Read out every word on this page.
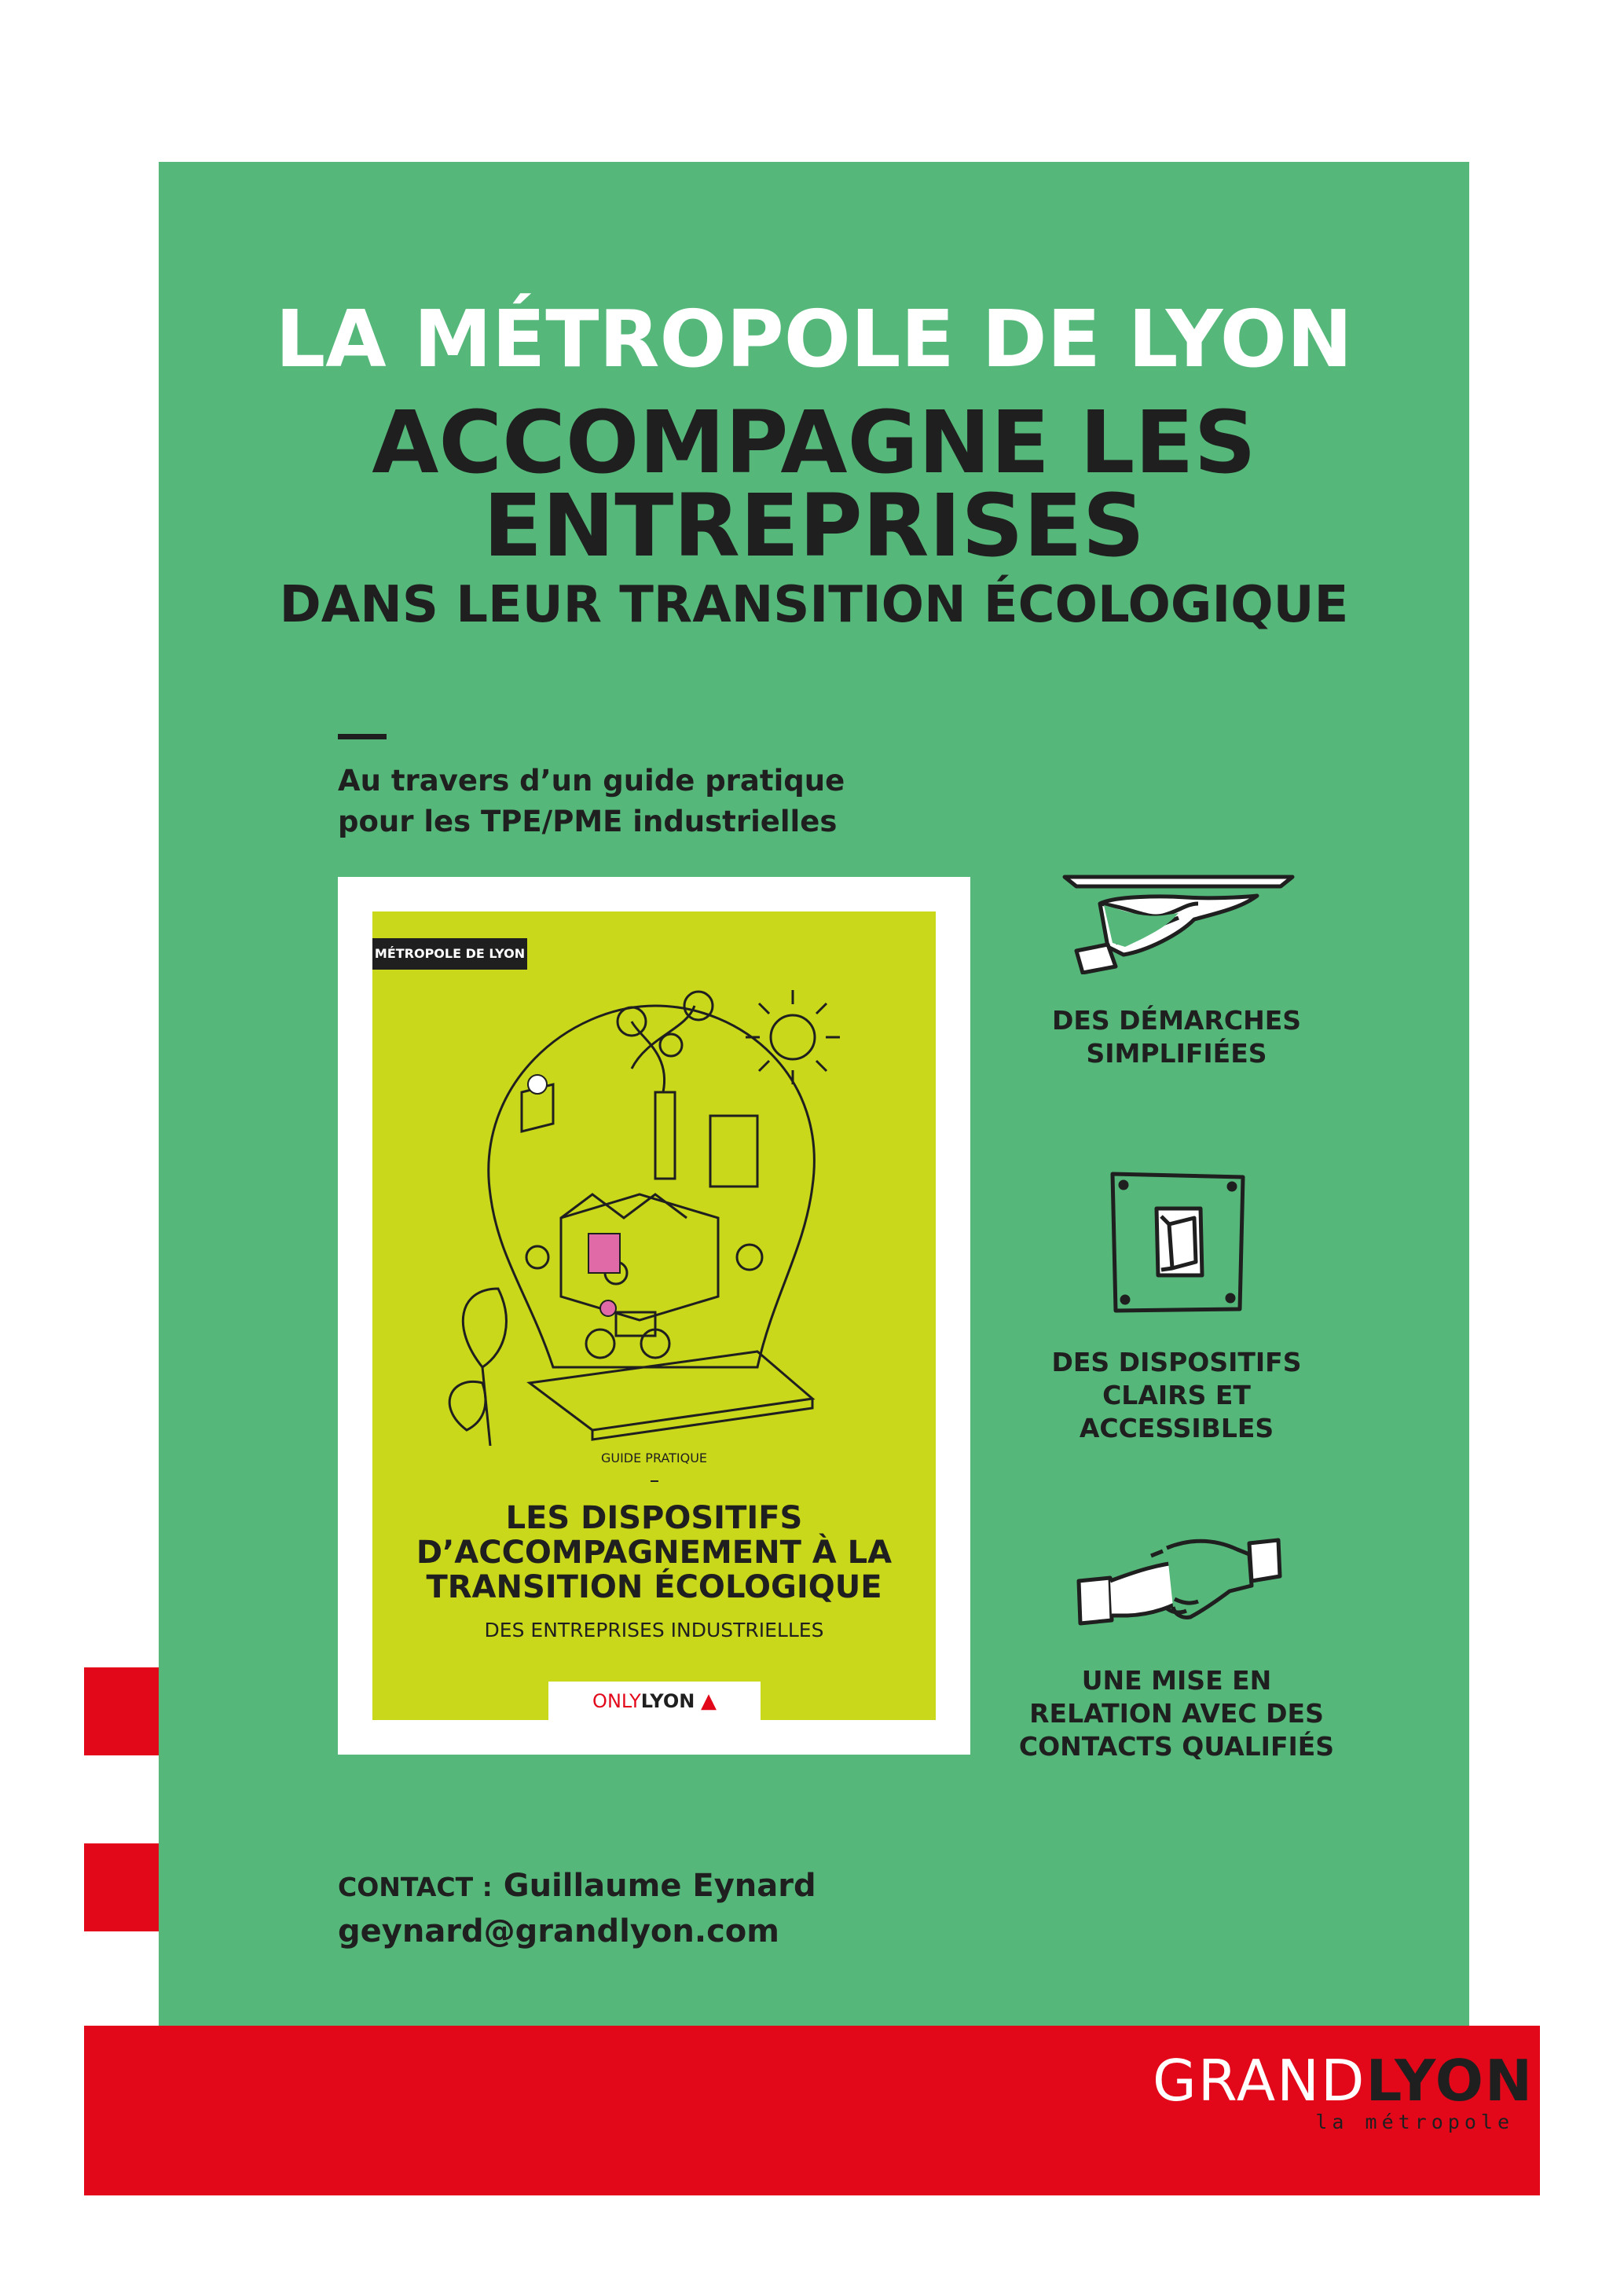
LA MÉTROPOLE DE LYON
ACCOMPAGNE LES
ENTREPRISES
DANS LEUR TRANSITION ÉCOLOGIQUE
Au travers d’un guide pratique
pour les TPE/PME industrielles
MÉTROPOLE DE LYON
GUIDE PRATIQUE
LES DISPOSITIFS
D’ACCOMPAGNEMENT À LA
TRANSITION ÉCOLOGIQUE
DES ENTREPRISES INDUSTRIELLES
ONLYLYON ▲
DES DÉMARCHES
SIMPLIFIÉES
DES DISPOSITIFS
CLAIRS ET
ACCESSIBLES
UNE MISE EN
RELATION AVEC DES
CONTACTS QUALIFIÉS
CONTACT : Guillaume Eynard
geynard@grandlyon.com
GRANDLYON
la métropole
